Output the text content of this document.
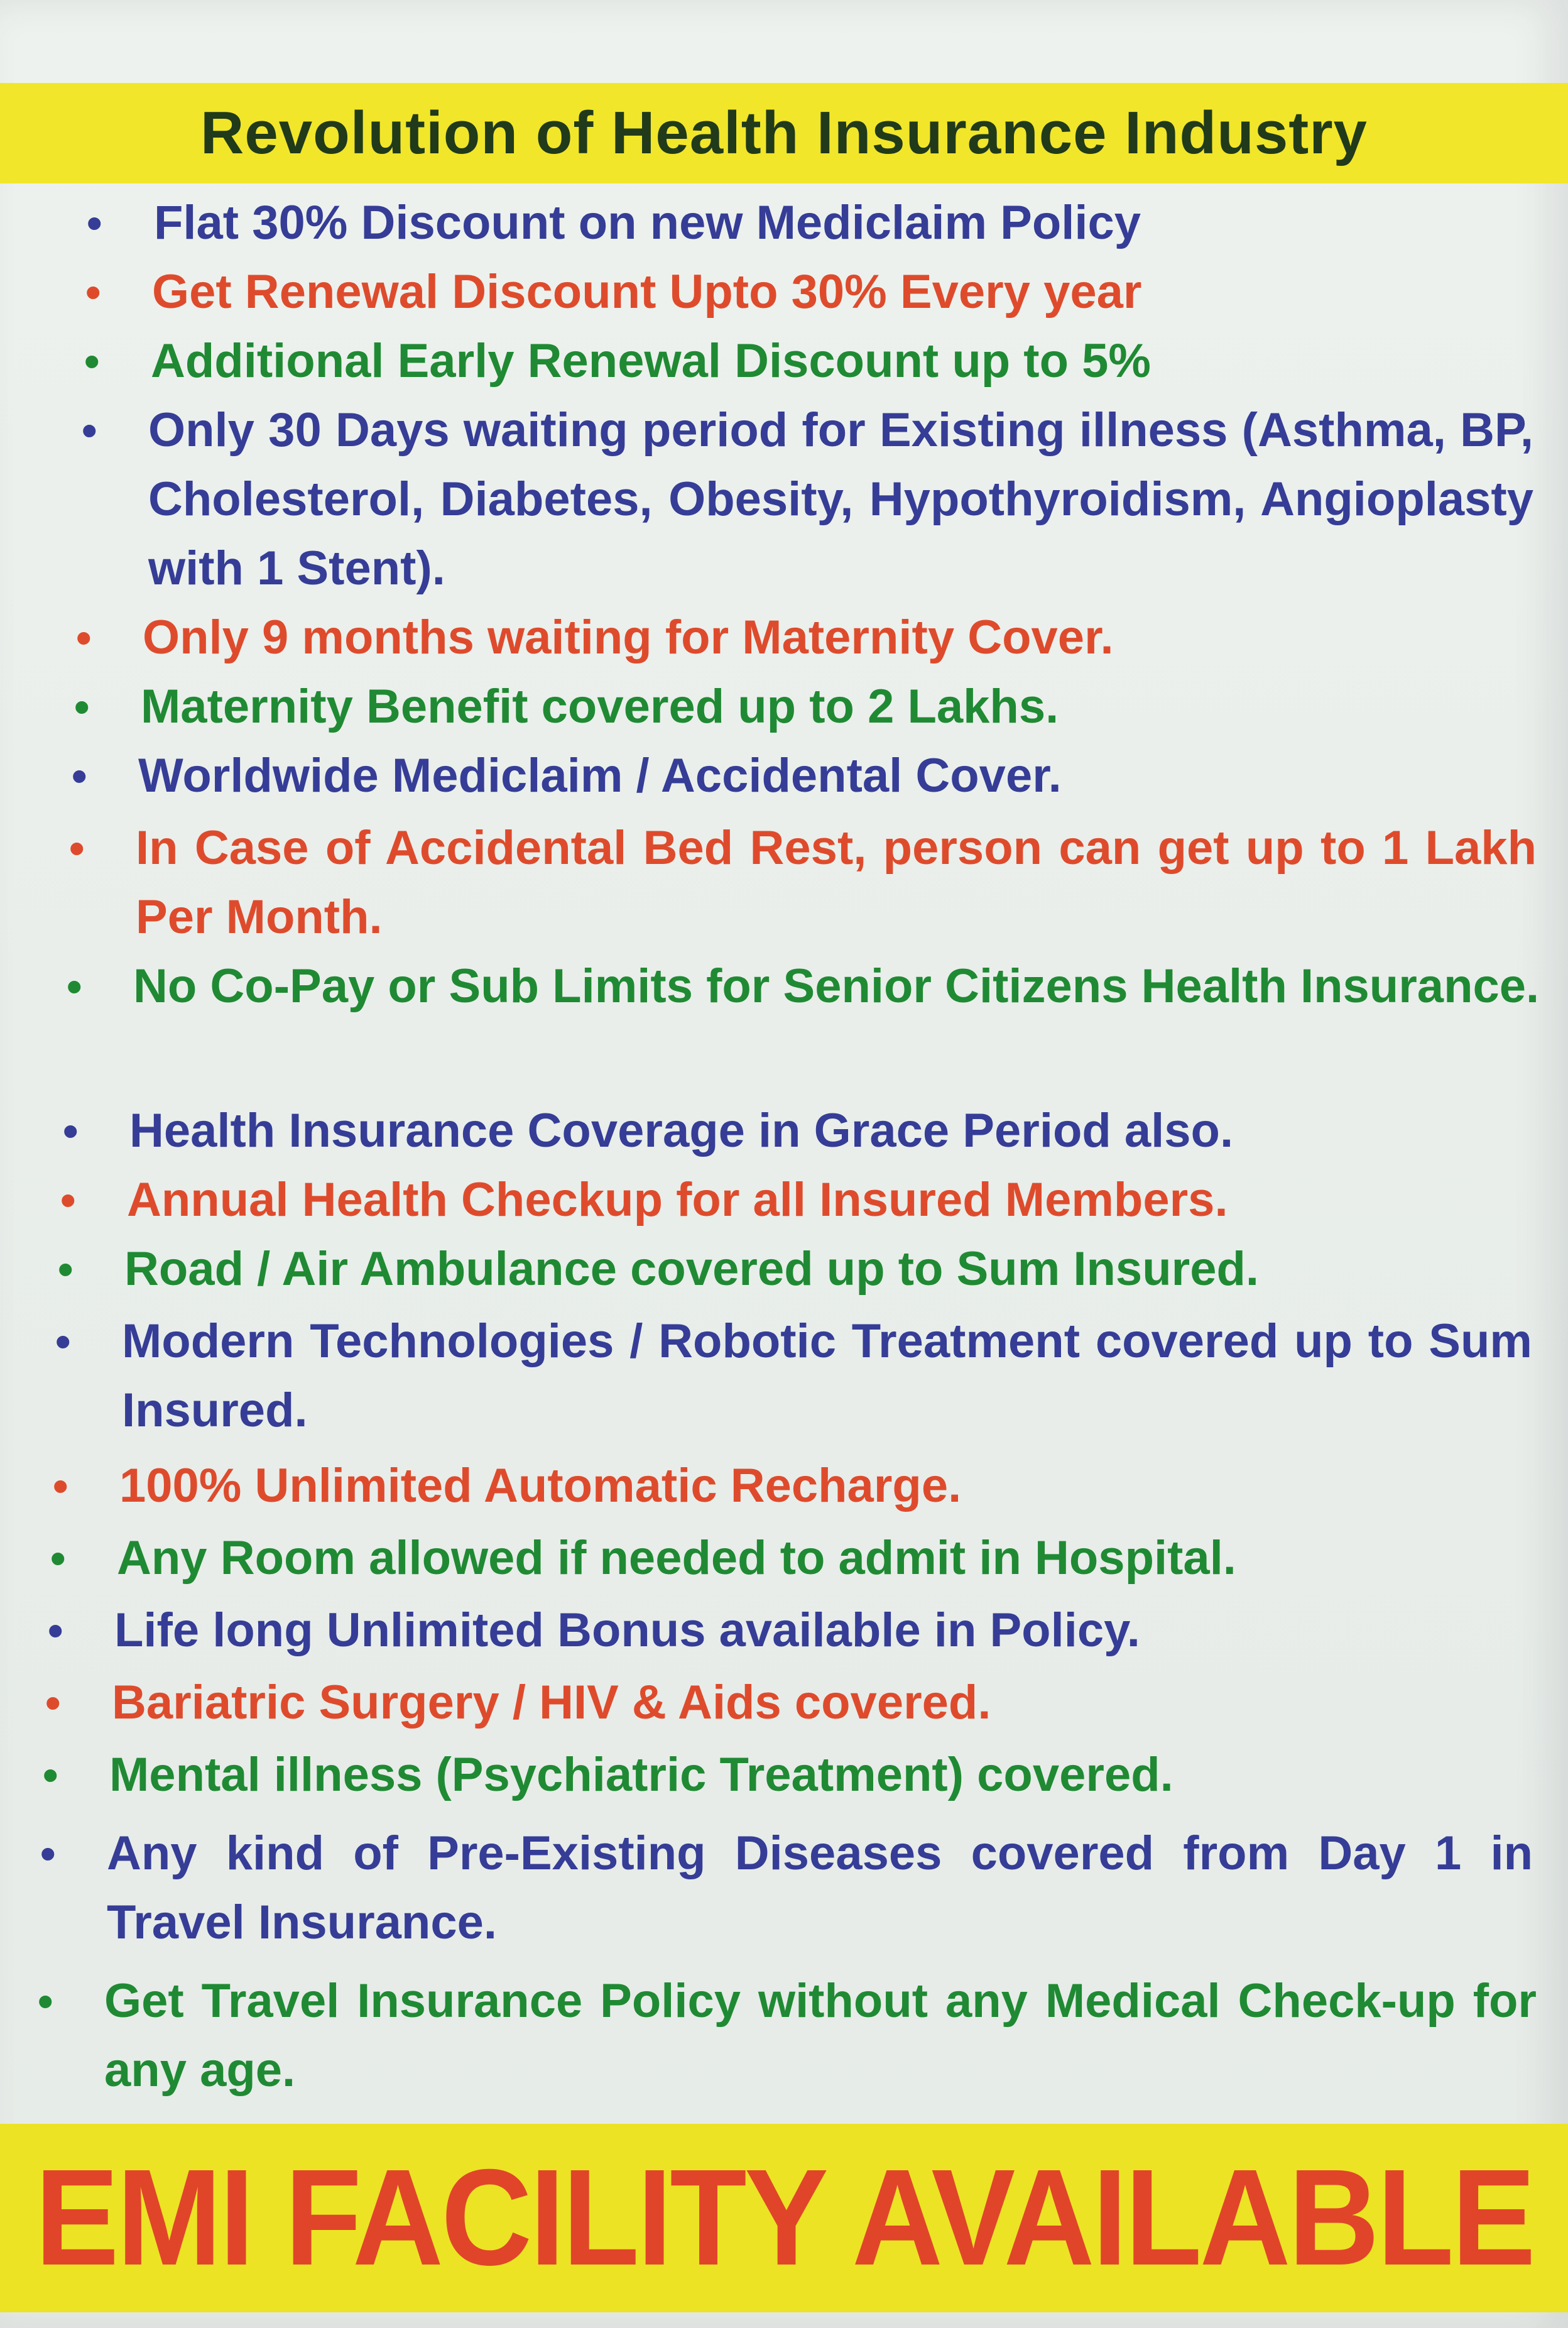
Revolution of Health Insurance Industry
• Flat 30% Discount on new Mediclaim Policy
• Get Renewal Discount Upto 30% Every year
• Additional Early Renewal Discount up to 5%
• Only 30 Days waiting period for Existing illness (Asthma, BP, Cholesterol, Diabetes, Obesity, Hypothyroidism, Angioplasty with 1 Stent).
• Only 9 months waiting for Maternity Cover.
• Maternity Benefit covered up to 2 Lakhs.
• Worldwide Mediclaim / Accidental Cover.
• In Case of Accidental Bed Rest, person can get up to 1 Lakh Per Month.
• No Co-Pay or Sub Limits for Senior Citizens Health Insurance.
• Health Insurance Coverage in Grace Period also.
• Annual Health Checkup for all Insured Members.
• Road / Air Ambulance covered up to Sum Insured.
• Modern Technologies / Robotic Treatment covered up to Sum Insured.
• 100% Unlimited Automatic Recharge.
• Any Room allowed if needed to admit in Hospital.
• Life long Unlimited Bonus available in Policy.
• Bariatric Surgery / HIV & Aids covered.
• Mental illness (Psychiatric Treatment) covered.
• Any kind of Pre-Existing Diseases covered from Day 1 in Travel Insurance.
• Get Travel Insurance Policy without any Medical Check-up for any age.
EMI FACILITY AVAILABLE
